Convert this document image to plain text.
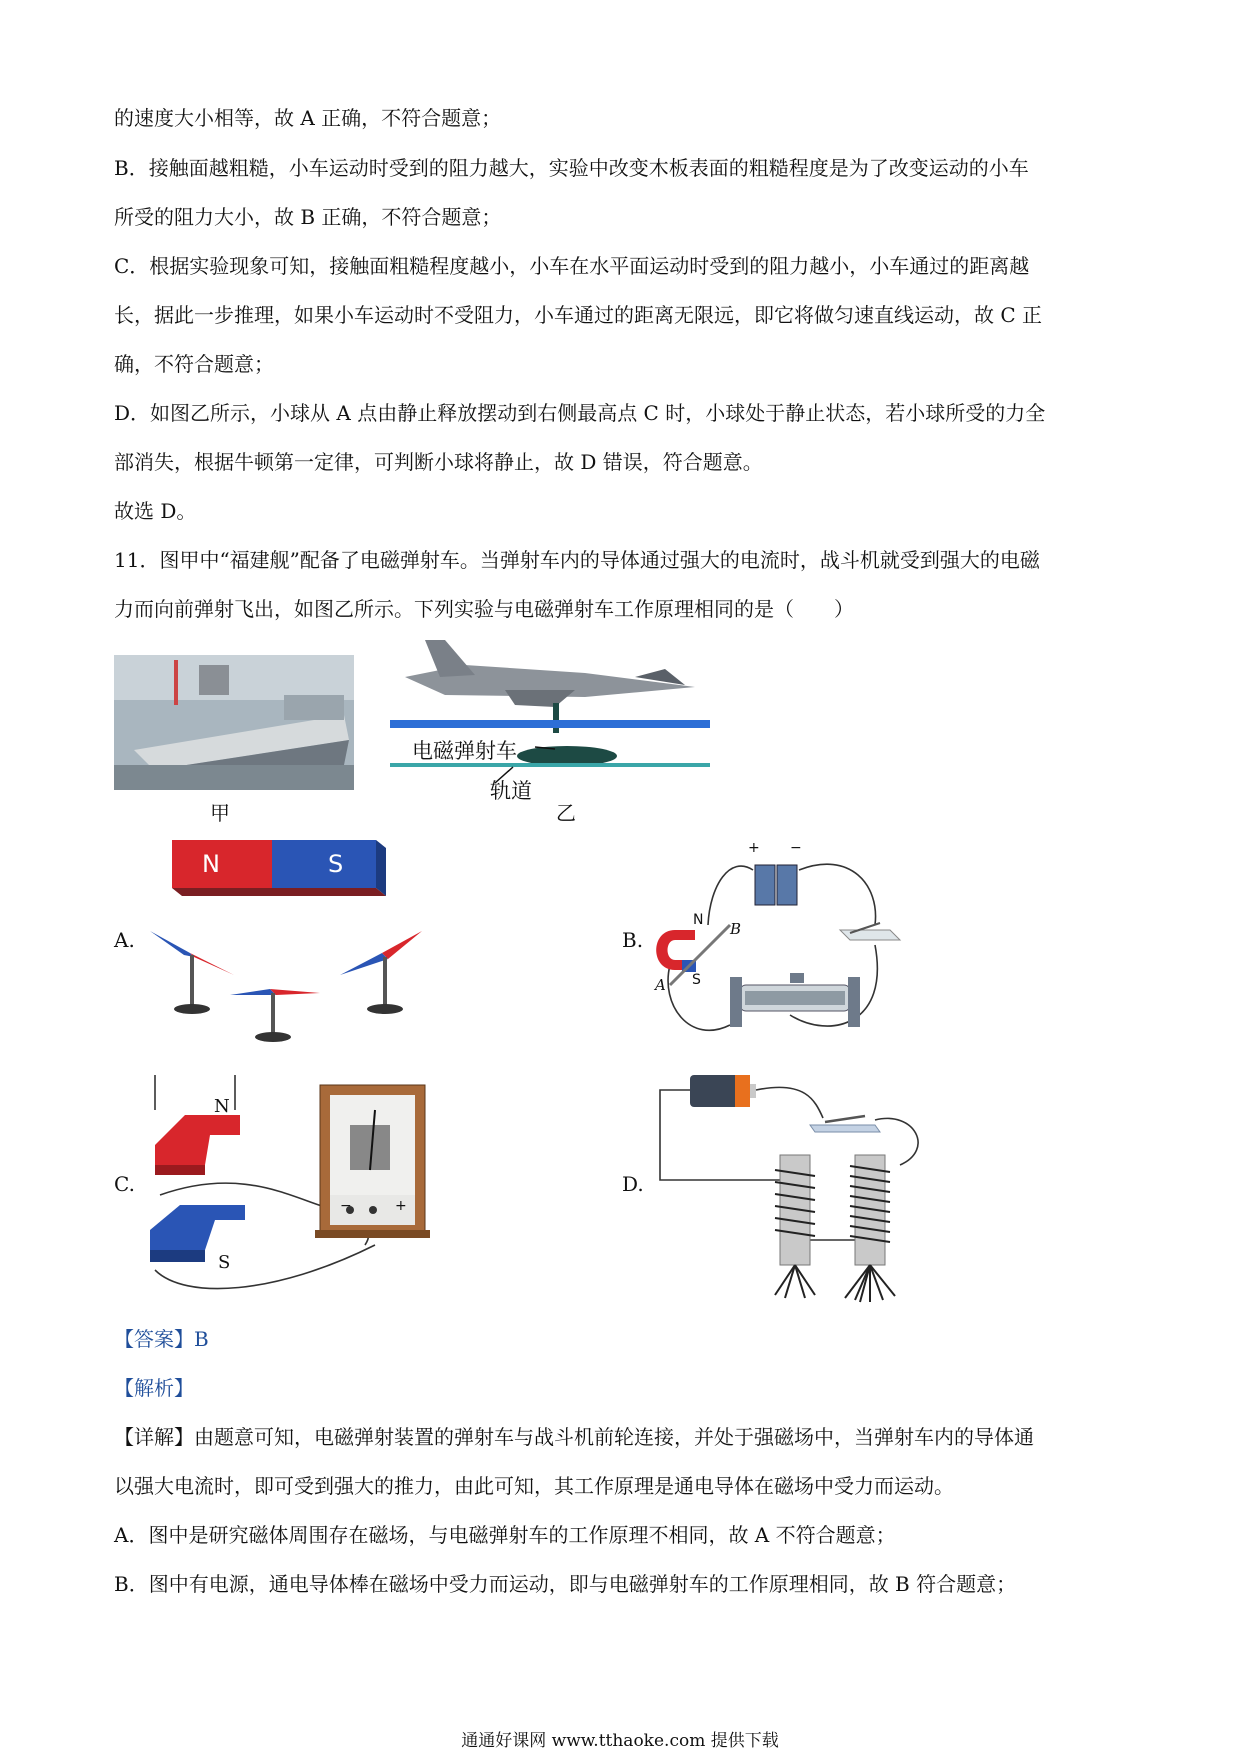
的速度大小相等，故 A 正确，不符合题意；
B．接触面越粗糙，小车运动时受到的阻力越大，实验中改变木板表面的粗糙程度是为了改变运动的小车
所受的阻力大小，故 B 正确，不符合题意；
C．根据实验现象可知，接触面粗糙程度越小，小车在水平面运动时受到的阻力越小，小车通过的距离越
长，据此一步推理，如果小车运动时不受阻力，小车通过的距离无限远，即它将做匀速直线运动，故 C 正
确，不符合题意；
D．如图乙所示，小球从 A 点由静止释放摆动到右侧最高点 C 时，小球处于静止状态，若小球所受的力全
部消失，根据牛顿第一定律，可判断小球将静止，故 D 错误，符合题意。
故选 D。
11．图甲中“福建舰”配备了电磁弹射车。当弹射车内的导体通过强大的电流时，战斗机就受到强大的电磁
力而向前弹射飞出，如图乙所示。下列实验与电磁弹射车工作原理相同的是（　　）
甲
电磁弹射车
轨道
乙
A.
N	S
B.
+ −
N
S
A
B
C.
N
S
−	+
D.
【答案】B
【解析】
【详解】由题意可知，电磁弹射装置的弹射车与战斗机前轮连接，并处于强磁场中，当弹射车内的导体通
以强大电流时，即可受到强大的推力，由此可知，其工作原理是通电导体在磁场中受力而运动。
A．图中是研究磁体周围存在磁场，与电磁弹射车的工作原理不相同，故 A 不符合题意；
B．图中有电源，通电导体棒在磁场中受力而运动，即与电磁弹射车的工作原理相同，故 B 符合题意；
通通好课网 www.tthaoke.com 提供下载
